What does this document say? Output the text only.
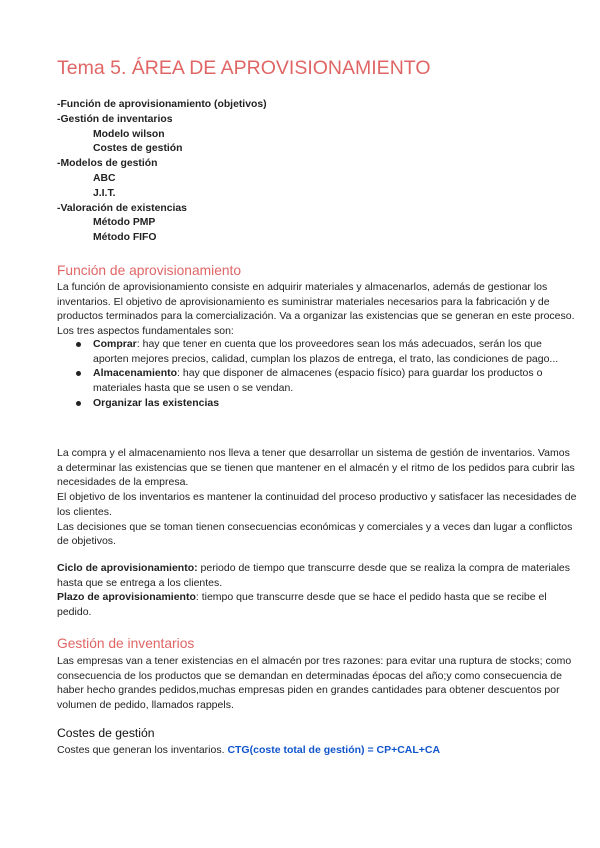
Tema 5. ÁREA DE APROVISIONAMIENTO
-Función de aprovisionamiento (objetivos)
-Gestión de inventarios
Modelo wilson
Costes de gestión
-Modelos de gestión
ABC
J.I.T.
-Valoración de existencias
Método PMP
Método FIFO
Función de aprovisionamiento

La función de aprovisionamiento consiste en adquirir materiales y almacenarlos, además de gestionar los inventarios. El objetivo de aprovisionamiento es suministrar materiales necesarios para la fabricación y de productos terminados para la comercialización. Va a organizar las existencias que se generan en este proceso. Los tres aspectos fundamentales son:

Comprar: hay que tener en cuenta que los proveedores sean los más adecuados, serán los que aporten mejores precios, calidad, cumplan los plazos de entrega, el trato, las condiciones de pago...
Almacenamiento: hay que disponer de almacenes (espacio físico) para guardar los productos o materiales hasta que se usen o se vendan.
Organizar las existencias
La compra y el almacenamiento nos lleva a tener que desarrollar un sistema de gestión de inventarios. Vamos a determinar las existencias que se tienen que mantener en el almacén y el ritmo de los pedidos para cubrir las necesidades de la empresa.
El objetivo de los inventarios es mantener la continuidad del proceso productivo y satisfacer las necesidades de los clientes.
Las decisiones que se toman tienen consecuencias económicas y comerciales y a veces dan lugar a conflictos de objetivos.
Ciclo de aprovisionamiento: periodo de tiempo que transcurre desde que se realiza la compra de materiales hasta que se entrega a los clientes.
Plazo de aprovisionamiento: tiempo que transcurre desde que se hace el pedido hasta que se recibe el pedido.
Gestión de inventarios

Las empresas van a tener existencias en el almacén por tres razones: para evitar una ruptura de stocks; como consecuencia de los productos que se demandan en determinadas épocas del año;y como consecuencia de haber hecho grandes pedidos,muchas empresas piden en grandes cantidades para obtener descuentos por volumen de pedido, llamados rappels.

Costes de gestión

Costes que generan los inventarios. CTG(coste total de gestión) = CP+CAL+CA
